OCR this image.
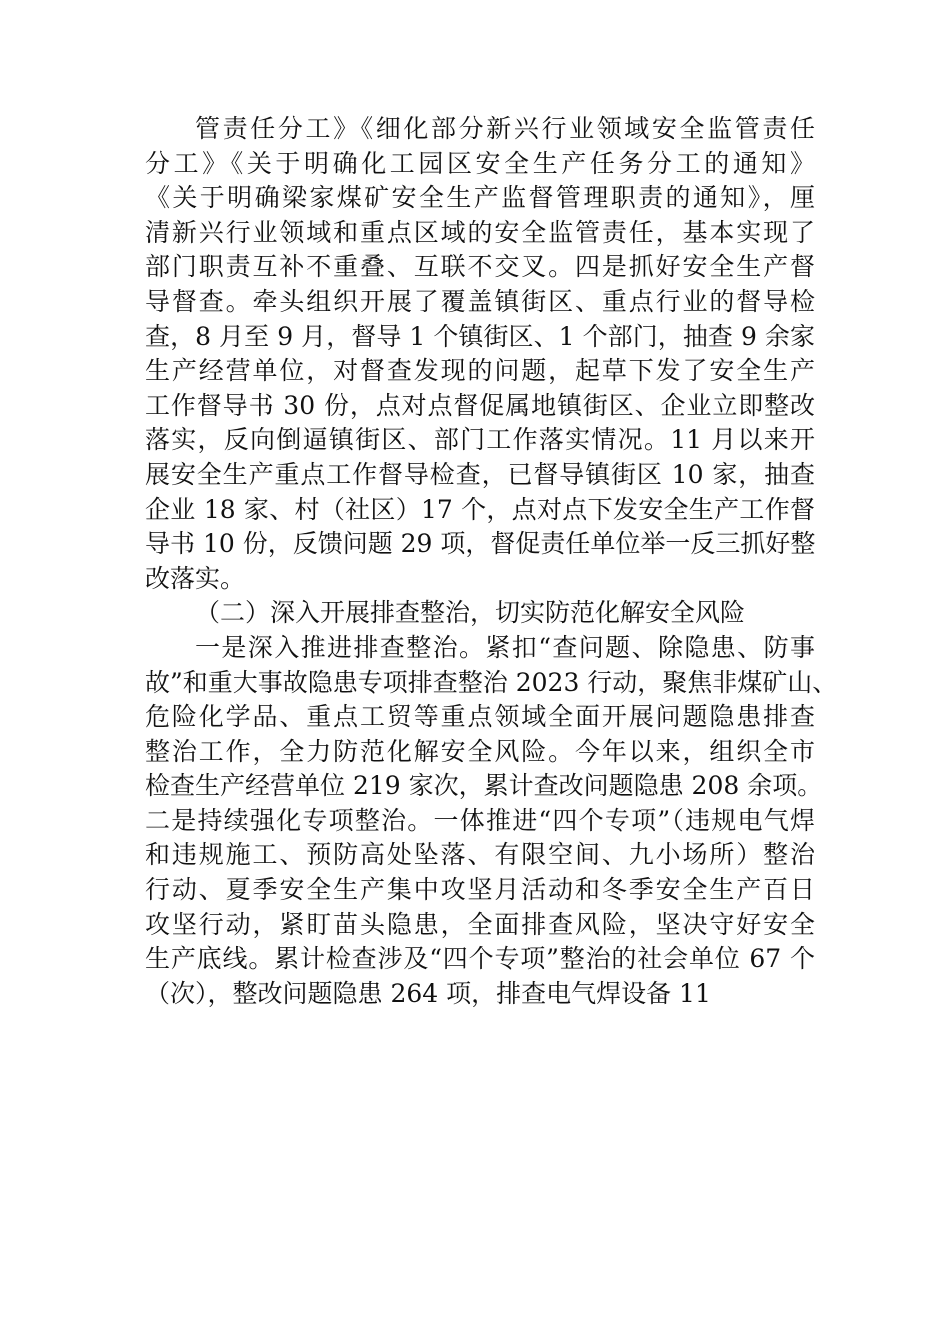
管责任分工》《细化部分新兴行业领域安全监管责任
分工》《关于明确化工园区安全生产任务分工的通知》
《关于明确梁家煤矿安全生产监督管理职责的通知》，厘
清新兴行业领域和重点区域的安全监管责任，基本实现了
部门职责互补不重叠、互联不交叉。四是抓好安全生产督
导督查。牵头组织开展了覆盖镇街区、重点行业的督导检
查，8 月至 9 月，督导 1 个镇街区、1 个部门，抽查 9 余家
生产经营单位，对督查发现的问题，起草下发了安全生产
工作督导书 30 份，点对点督促属地镇街区、企业立即整改
落实，反向倒逼镇街区、部门工作落实情况。11 月以来开
展安全生产重点工作督导检查，已督导镇街区 10 家，抽查
企业 18 家、村（社区）17 个，点对点下发安全生产工作督
导书 10 份，反馈问题 29 项，督促责任单位举一反三抓好整
改落实。
（二）深入开展排查整治，切实防范化解安全风险
一是深入推进排查整治。紧扣“查问题、除隐患、防事
故”和重大事故隐患专项排查整治 2023 行动，聚焦非煤矿山、
危险化学品、重点工贸等重点领域全面开展问题隐患排查
整治工作，全力防范化解安全风险。今年以来，组织全市
检查生产经营单位 219 家次，累计查改问题隐患 208 余项。
二是持续强化专项整治。一体推进“四个专项”（违规电气焊
和违规施工、预防高处坠落、有限空间、九小场所）整治
行动、夏季安全生产集中攻坚月活动和冬季安全生产百日
攻坚行动，紧盯苗头隐患，全面排查风险，坚决守好安全
生产底线。累计检查涉及“四个专项”整治的社会单位 67 个
（次），整改问题隐患 264 项，排查电气焊设备 11
